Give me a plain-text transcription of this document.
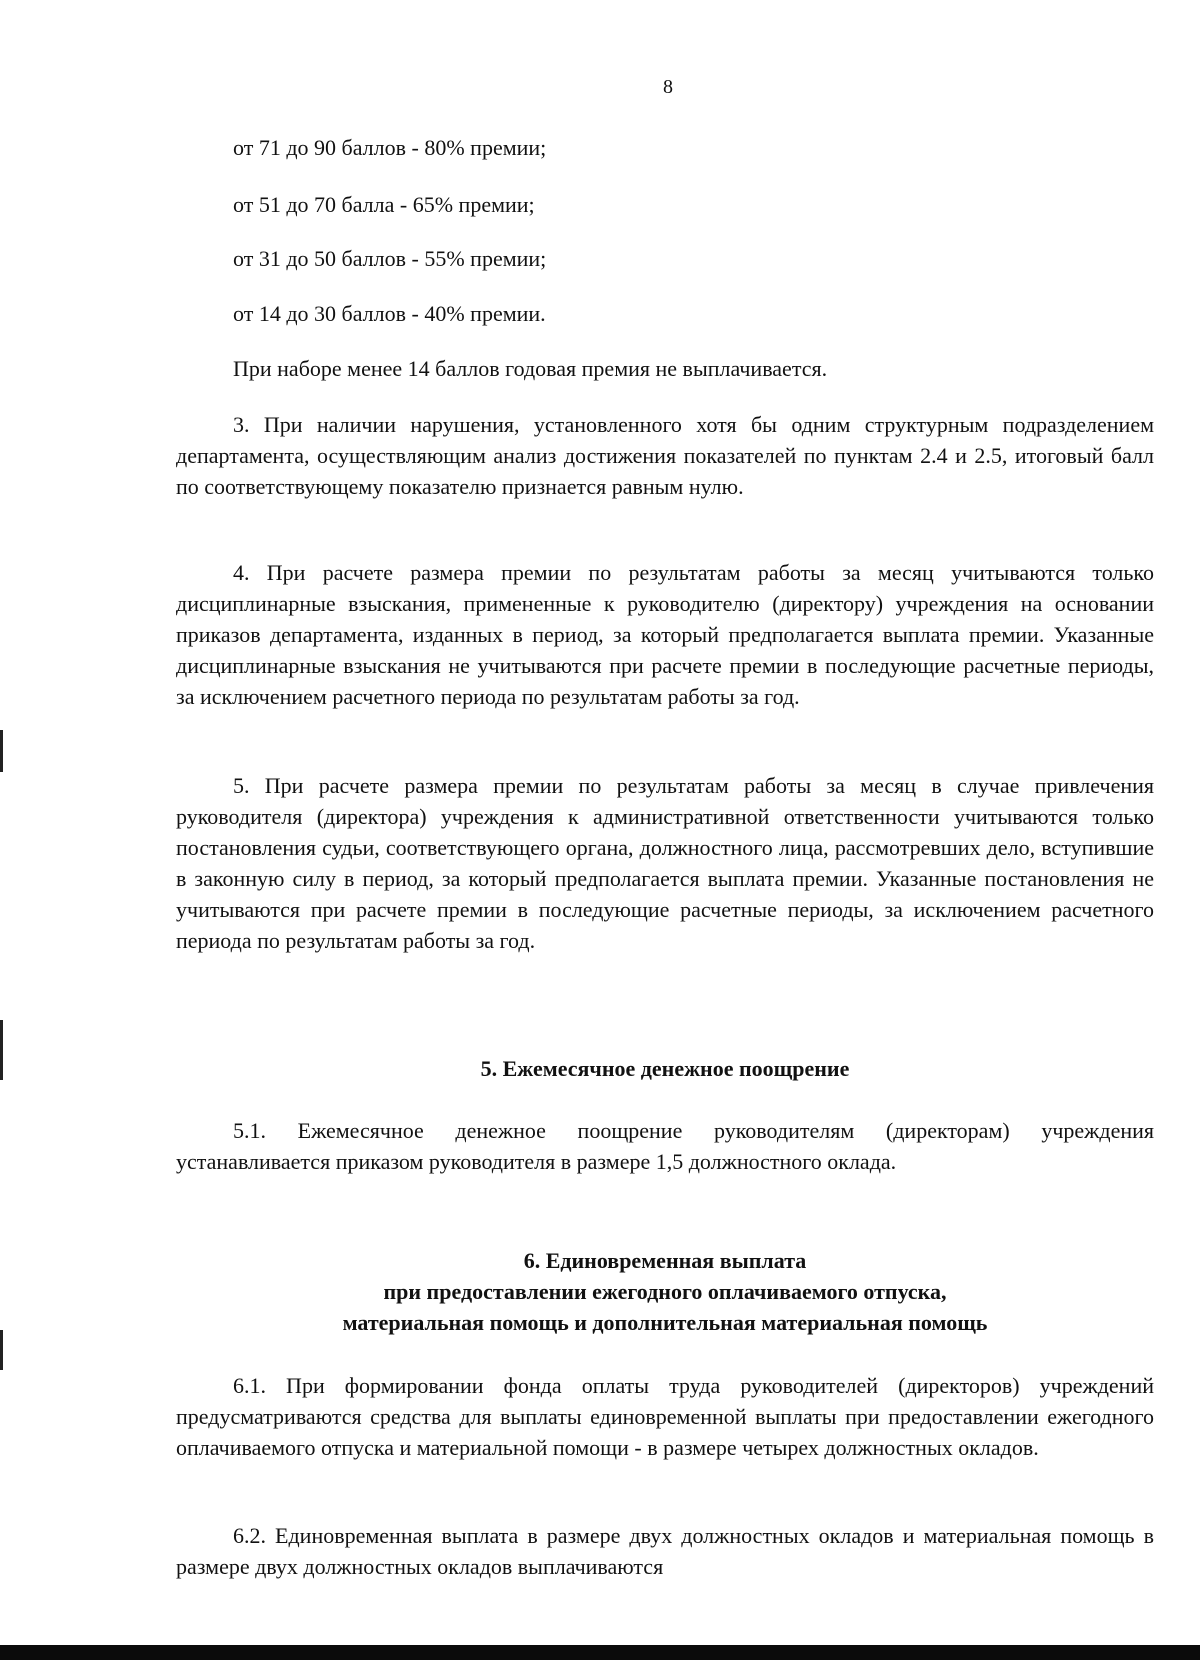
8
от 71 до 90 баллов - 80% премии;
от 51 до 70 балла - 65% премии;
от 31 до 50 баллов - 55% премии;
от 14 до 30 баллов - 40% премии.
При наборе менее 14 баллов годовая премия не выплачивается.
3. При наличии нарушения, установленного хотя бы одним структурным подразделением департамента, осуществляющим анализ достижения показателей по пунктам 2.4 и 2.5, итоговый балл по соответствующему показателю признается равным нулю.
4. При расчете размера премии по результатам работы за месяц учитываются только дисциплинарные взыскания, примененные к руководителю (директору) учреждения на основании приказов департамента, изданных в период, за который предполагается выплата премии. Указанные дисциплинарные взыскания не учитываются при расчете премии в последующие расчетные периоды, за исключением расчетного периода по результатам работы за год.
5. При расчете размера премии по результатам работы за месяц в случае привлечения руководителя (директора) учреждения к административной ответственности учитываются только постановления судьи, соответствующего органа, должностного лица, рассмотревших дело, вступившие в законную силу в период, за который предполагается выплата премии. Указанные постановления не учитываются при расчете премии в последующие расчетные периоды, за исключением расчетного периода по результатам работы за год.
5. Ежемесячное денежное поощрение
5.1. Ежемесячное денежное поощрение руководителям (директорам) учреждения устанавливается приказом руководителя в размере 1,5 должностного оклада.
6. Единовременная выплата
при предоставлении ежегодного оплачиваемого отпуска,
материальная помощь и дополнительная материальная помощь
6.1. При формировании фонда оплаты труда руководителей (директоров) учреждений предусматриваются средства для выплаты единовременной выплаты при предоставлении ежегодного оплачиваемого отпуска и материальной помощи - в размере четырех должностных окладов.
6.2. Единовременная выплата в размере двух должностных окладов и материальная помощь в размере двух должностных окладов выплачиваются
